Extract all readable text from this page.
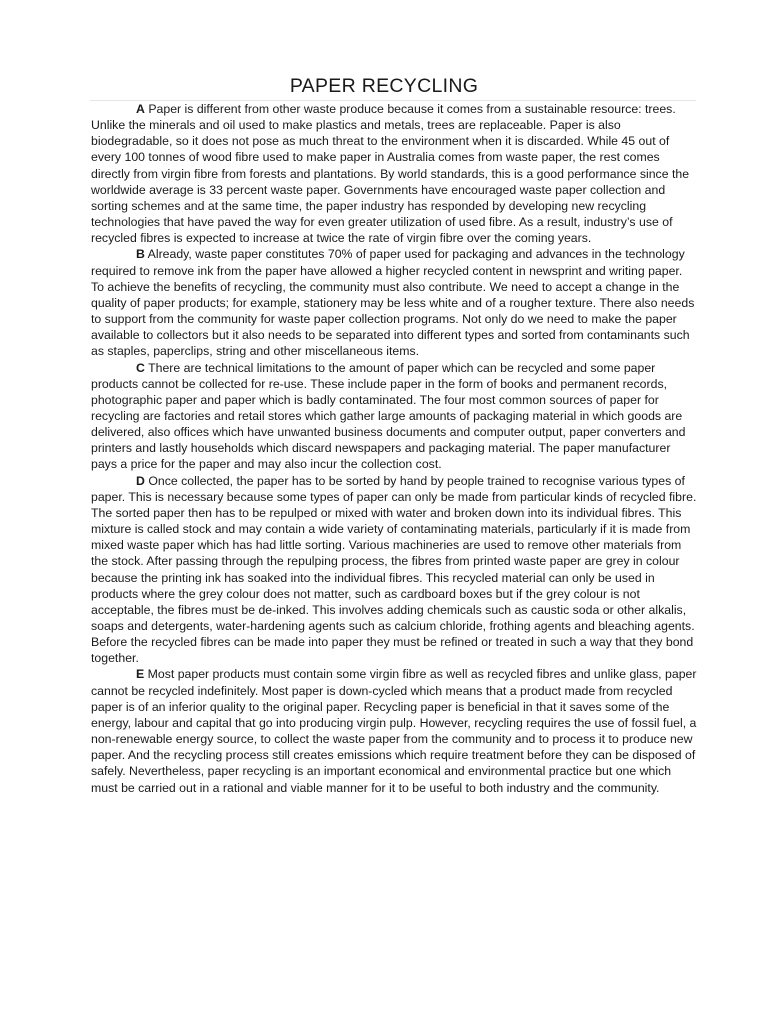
PAPER RECYCLING

A Paper is different from other waste produce because it comes from a sustainable resource: trees. Unlike the minerals and oil used to make plastics and metals, trees are replaceable. Paper is also biodegradable, so it does not pose as much threat to the environment when it is discarded. While 45 out of every 100 tonnes of wood fibre used to make paper in Australia comes from waste paper, the rest comes directly from virgin fibre from forests and plantations. By world standards, this is a good performance since the worldwide average is 33 percent waste paper. Governments have encouraged waste paper collection and sorting schemes and at the same time, the paper industry has responded by developing new recycling technologies that have paved the way for even greater utilization of used fibre. As a result, industry’s use of recycled fibres is expected to increase at twice the rate of virgin fibre over the coming years.

B Already, waste paper constitutes 70% of paper used for packaging and advances in the technology required to remove ink from the paper have allowed a higher recycled content in newsprint and writing paper. To achieve the benefits of recycling, the community must also contribute. We need to accept a change in the quality of paper products; for example, stationery may be less white and of a rougher texture. There also needs to support from the community for waste paper collection programs. Not only do we need to make the paper available to collectors but it also needs to be separated into different types and sorted from contaminants such as staples, paperclips, string and other miscellaneous items.

C There are technical limitations to the amount of paper which can be recycled and some paper products cannot be collected for re-use. These include paper in the form of books and permanent records, photographic paper and paper which is badly contaminated. The four most common sources of paper for recycling are factories and retail stores which gather large amounts of packaging material in which goods are delivered, also offices which have unwanted business documents and computer output, paper converters and printers and lastly households which discard newspapers and packaging material. The paper manufacturer pays a price for the paper and may also incur the collection cost.

D Once collected, the paper has to be sorted by hand by people trained to recognise various types of paper. This is necessary because some types of paper can only be made from particular kinds of recycled fibre. The sorted paper then has to be repulped or mixed with water and broken down into its individual fibres. This mixture is called stock and may contain a wide variety of contaminating materials, particularly if it is made from mixed waste paper which has had little sorting. Various machineries are used to remove other materials from the stock. After passing through the repulping process, the fibres from printed waste paper are grey in colour because the printing ink has soaked into the individual fibres. This recycled material can only be used in products where the grey colour does not matter, such as cardboard boxes but if the grey colour is not acceptable, the fibres must be de-inked. This involves adding chemicals such as caustic soda or other alkalis, soaps and detergents, water-hardening agents such as calcium chloride, frothing agents and bleaching agents. Before the recycled fibres can be made into paper they must be refined or treated in such a way that they bond together.

E Most paper products must contain some virgin fibre as well as recycled fibres and unlike glass, paper cannot be recycled indefinitely. Most paper is down-cycled which means that a product made from recycled paper is of an inferior quality to the original paper. Recycling paper is beneficial in that it saves some of the energy, labour and capital that go into producing virgin pulp. However, recycling requires the use of fossil fuel, a non-renewable energy source, to collect the waste paper from the community and to process it to produce new paper. And the recycling process still creates emissions which require treatment before they can be disposed of safely. Nevertheless, paper recycling is an important economical and environmental practice but one which must be carried out in a rational and viable manner for it to be useful to both industry and the community.
